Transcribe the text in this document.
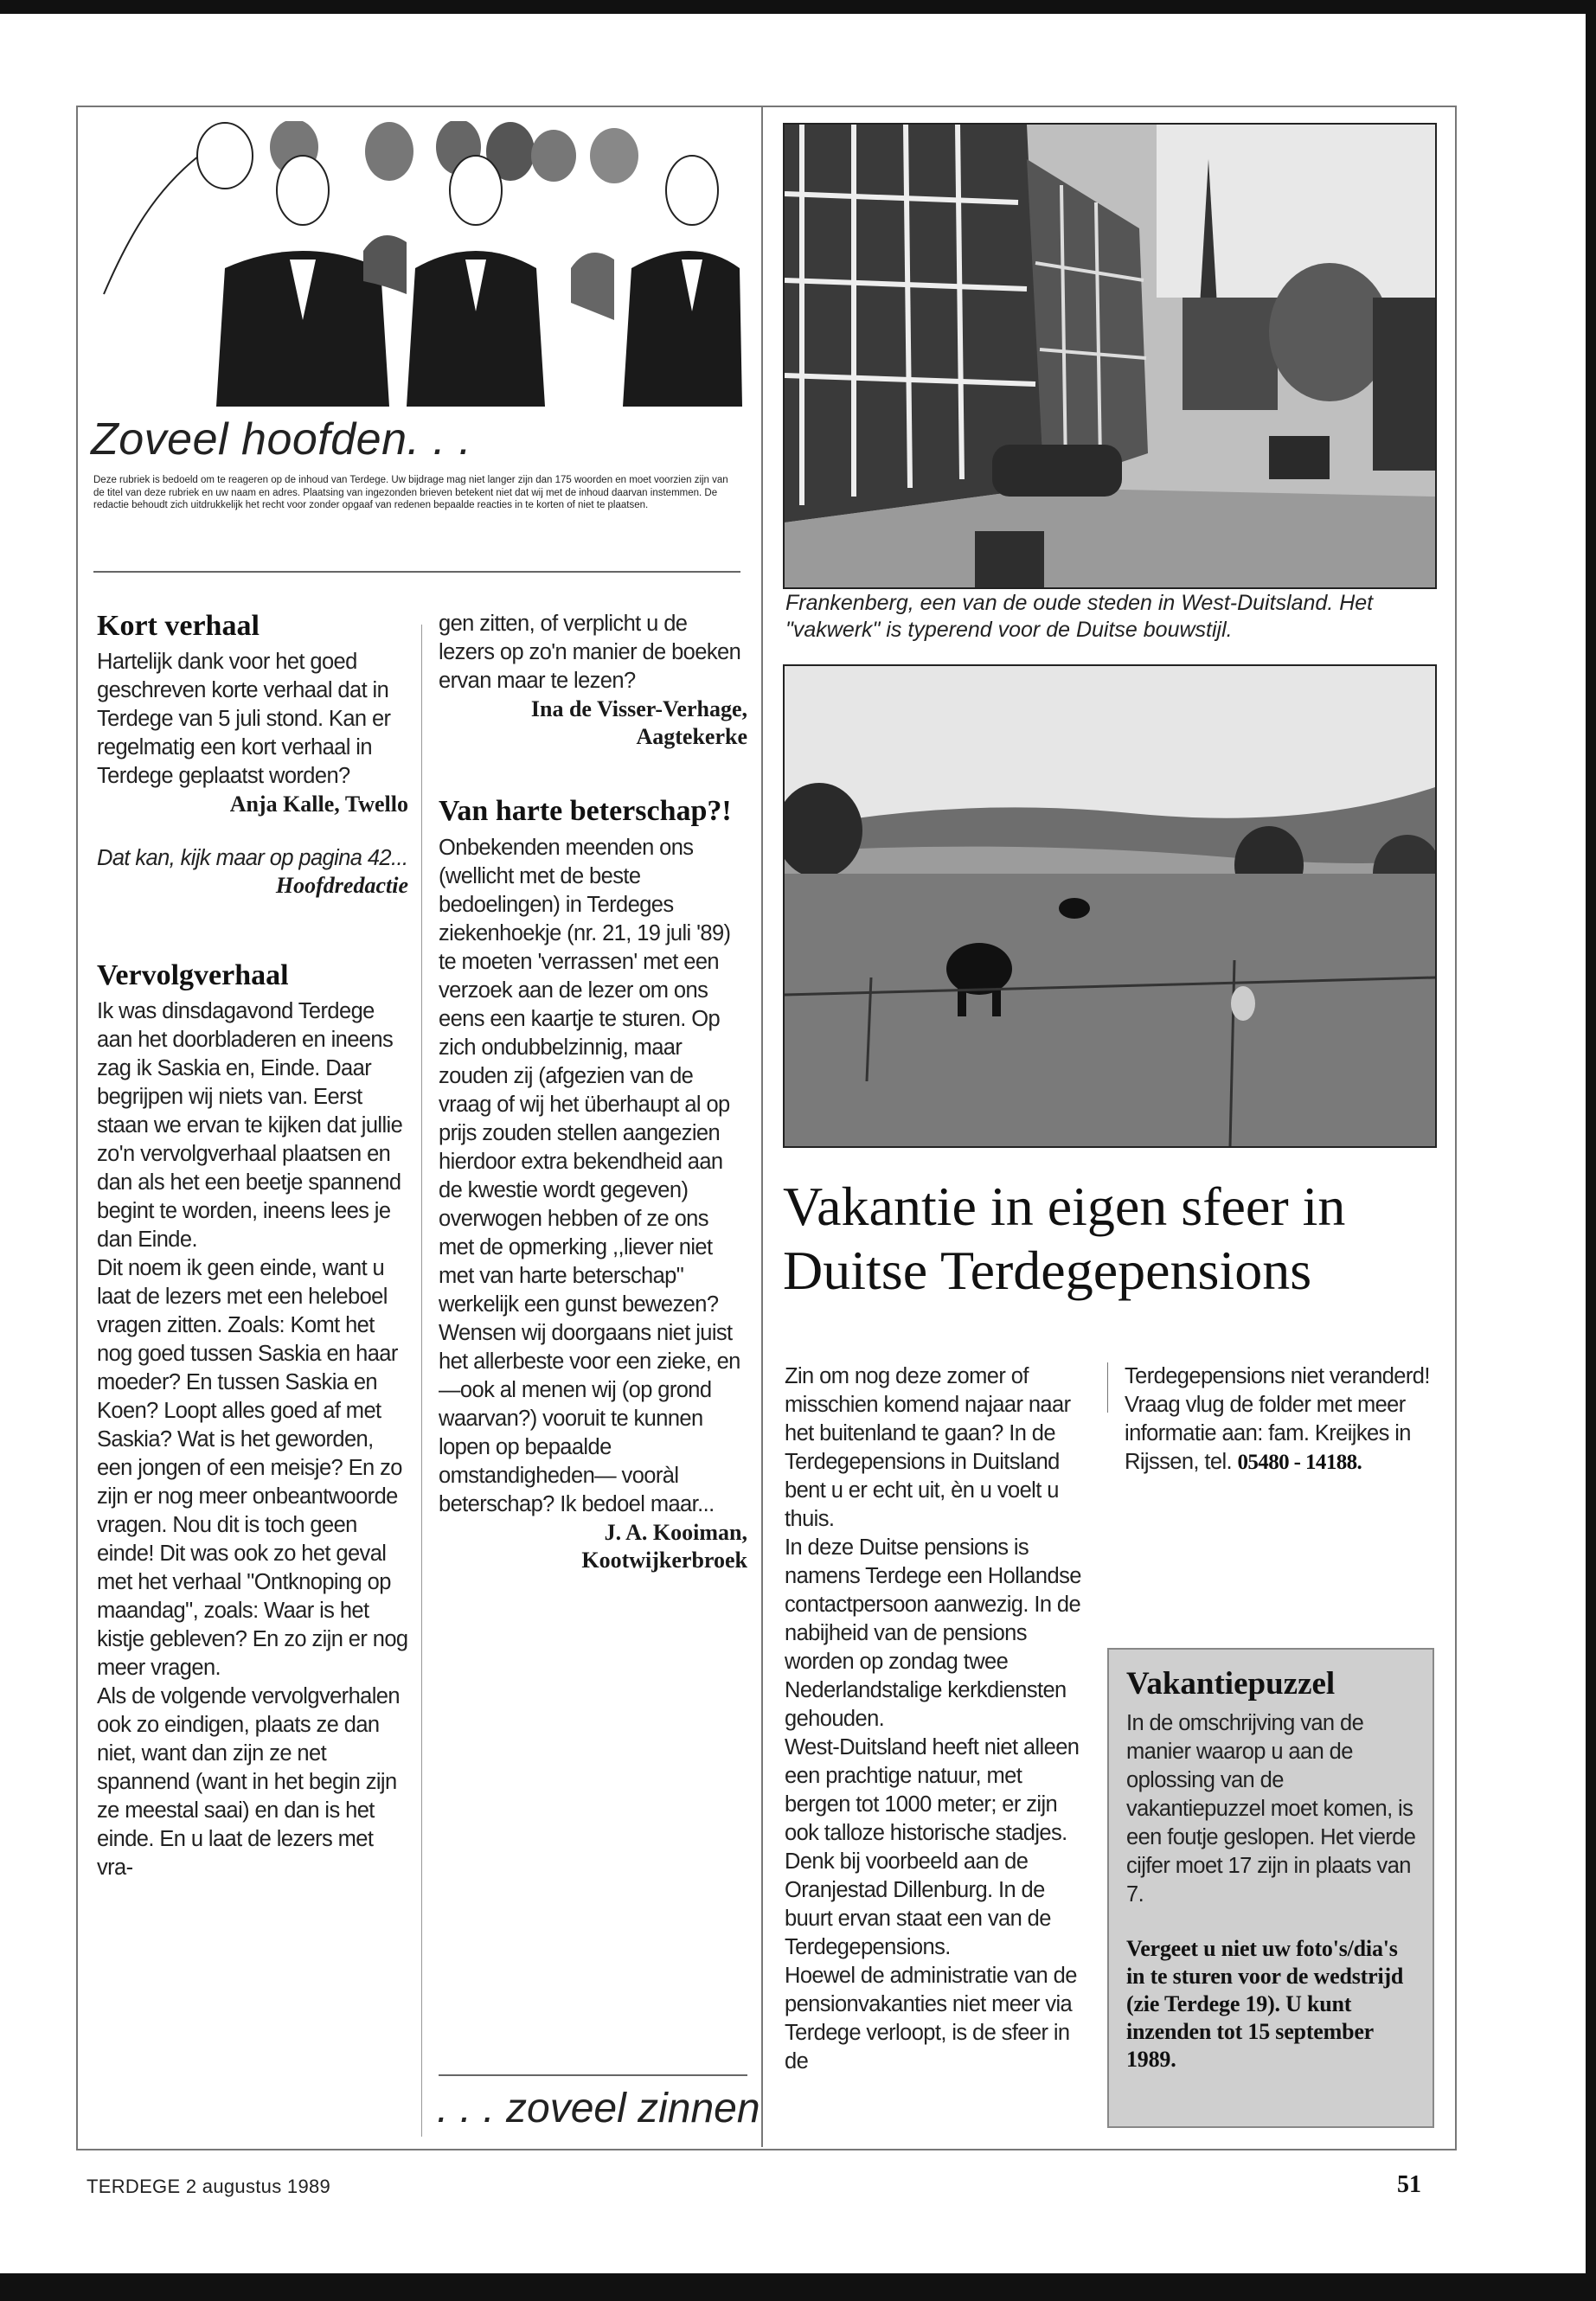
Zoveel hoofden. . .
Deze rubriek is bedoeld om te reageren op de inhoud van Terdege. Uw bijdrage mag niet langer zijn dan 175 woorden en moet voorzien zijn van de titel van deze rubriek en uw naam en adres. Plaatsing van ingezonden brieven betekent niet dat wij met de inhoud daarvan instemmen. De redactie behoudt zich uitdrukkelijk het recht voor zonder opgaaf van redenen bepaalde reacties in te korten of niet te plaatsen.
Kort verhaal

Hartelijk dank voor het goed geschreven korte verhaal dat in Terdege van 5 juli stond. Kan er regelmatig een kort verhaal in Terdege geplaatst worden?

Anja Kalle, Twello

Dat kan, kijk maar op pagina 42...

Hoofdredactie

Vervolgverhaal

Ik was dinsdagavond Terdege aan het doorbladeren en ineens zag ik Saskia en, Einde. Daar begrijpen wij niets van. Eerst staan we ervan te kijken dat jullie zo'n vervolgverhaal plaatsen en dan als het een beetje spannend begint te worden, ineens lees je dan Einde.

Dit noem ik geen einde, want u laat de lezers met een heleboel vragen zitten. Zoals: Komt het nog goed tussen Saskia en haar moeder? En tussen Saskia en Koen? Loopt alles goed af met Saskia? Wat is het geworden, een jongen of een meisje? En zo zijn er nog meer onbeantwoorde vragen. Nou dit is toch geen einde! Dit was ook zo het geval met het verhaal "Ontknoping op maandag", zoals: Waar is het kistje gebleven? En zo zijn er nog meer vragen.

Als de volgende vervolgverhalen ook zo eindigen, plaats ze dan niet, want dan zijn ze net spannend (want in het begin zijn ze meestal saai) en dan is het einde. En u laat de lezers met vra-

gen zitten, of verplicht u de lezers op zo'n manier de boeken ervan maar te lezen?

Ina de Visser-Verhage,

Aagtekerke

Van harte beterschap?!

Onbekenden meenden ons (wellicht met de beste bedoelingen) in Terdeges ziekenhoekje (nr. 21, 19 juli '89) te moeten 'verrassen' met een verzoek aan de lezer om ons eens een kaartje te sturen. Op zich ondubbelzinnig, maar zouden zij (afgezien van de vraag of wij het überhaupt al op prijs zouden stellen aangezien hierdoor extra bekendheid aan de kwestie wordt gegeven) overwogen hebben of ze ons met de opmerking ,,liever niet met van harte beterschap" werkelijk een gunst bewezen? Wensen wij doorgaans niet juist het allerbeste voor een zieke, en —ook al menen wij (op grond waarvan?) vooruit te kunnen lopen op bepaalde omstandigheden— vooràl beterschap? Ik bedoel maar...

J. A. Kooiman,

Kootwijkerbroek

. . . zoveel zinnen
Frankenberg, een van de oude steden in West-Duitsland. Het "vakwerk" is typerend voor de Duitse bouwstijl.
Vakantie in eigen sfeer in Duitse Terdegepensions

Zin om nog deze zomer of misschien komend najaar naar het buitenland te gaan? In de Terdegepensions in Duitsland bent u er echt uit, èn u voelt u thuis.

In deze Duitse pensions is namens Terdege een Hollandse contactpersoon aanwezig. In de nabijheid van de pensions worden op zondag twee Nederlandstalige kerkdiensten gehouden.

West-Duitsland heeft niet alleen een prachtige natuur, met bergen tot 1000 meter; er zijn ook talloze historische stadjes. Denk bij voorbeeld aan de Oranjestad Dillenburg. In de buurt ervan staat een van de Terdegepensions.

Hoewel de administratie van de pensionvakanties niet meer via Terdege verloopt, is de sfeer in de

Terdegepensions niet veranderd! Vraag vlug de folder met meer informatie aan: fam. Kreijkes in Rijssen, tel. 05480 - 14188.

Vakantiepuzzel

In de omschrijving van de manier waarop u aan de oplossing van de vakantiepuzzel moet komen, is een foutje geslopen. Het vierde cijfer moet 17 zijn in plaats van 7.

Vergeet u niet uw foto's/dia's in te sturen voor de wedstrijd (zie Terdege 19). U kunt inzenden tot 15 september 1989.

TERDEGE 2 augustus 1989	51
